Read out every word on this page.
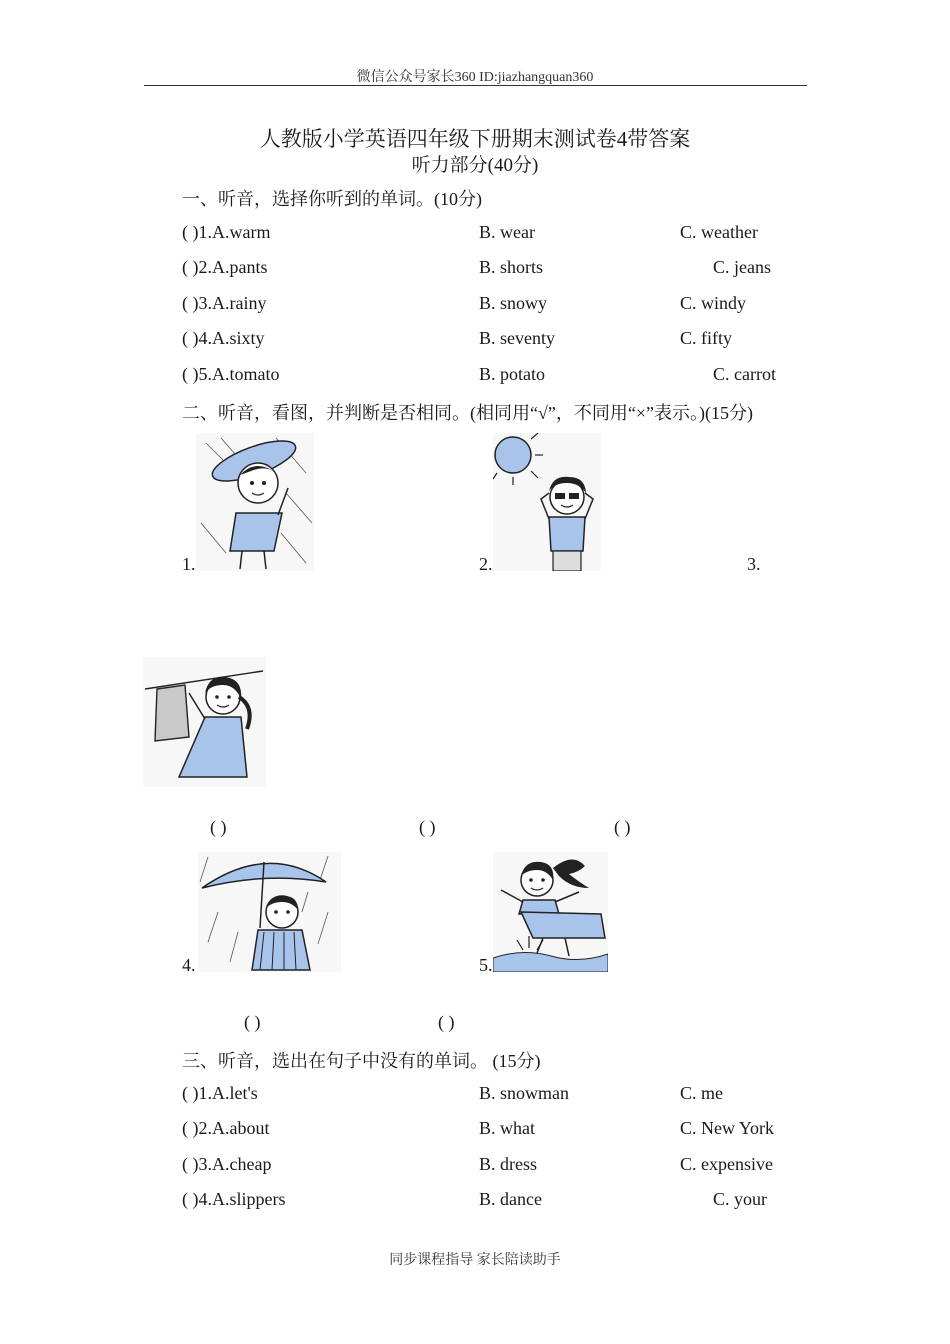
微信公众号家长360 ID:jiazhangquan360
人教版小学英语四年级下册期末测试卷4带答案
听力部分(40分)
一、听音，选择你听到的单词。(10分)
( )1.A.warm	B. wear	C. weather
( )2.A.pants	B. shorts	C. jeans
( )3.A.rainy	B. snowy	C. windy
( )4.A.sixty	B. seventy	C. fifty
( )5.A.tomato	B. potato	C. carrot
二、听音，看图，并判断是否相同。(相同用“√”，不同用“×”表示。)(15分)
1.	2.	3.
( )	( )	( )
4.	5.
( )	( )
三、听音，选出在句子中没有的单词。 (15分)
( )1.A.let's	B. snowman	C. me
( )2.A.about	B. what	C. New York
( )3.A.cheap	B. dress	C. expensive
( )4.A.slippers	B. dance	C. your
同步课程指导 家长陪读助手
